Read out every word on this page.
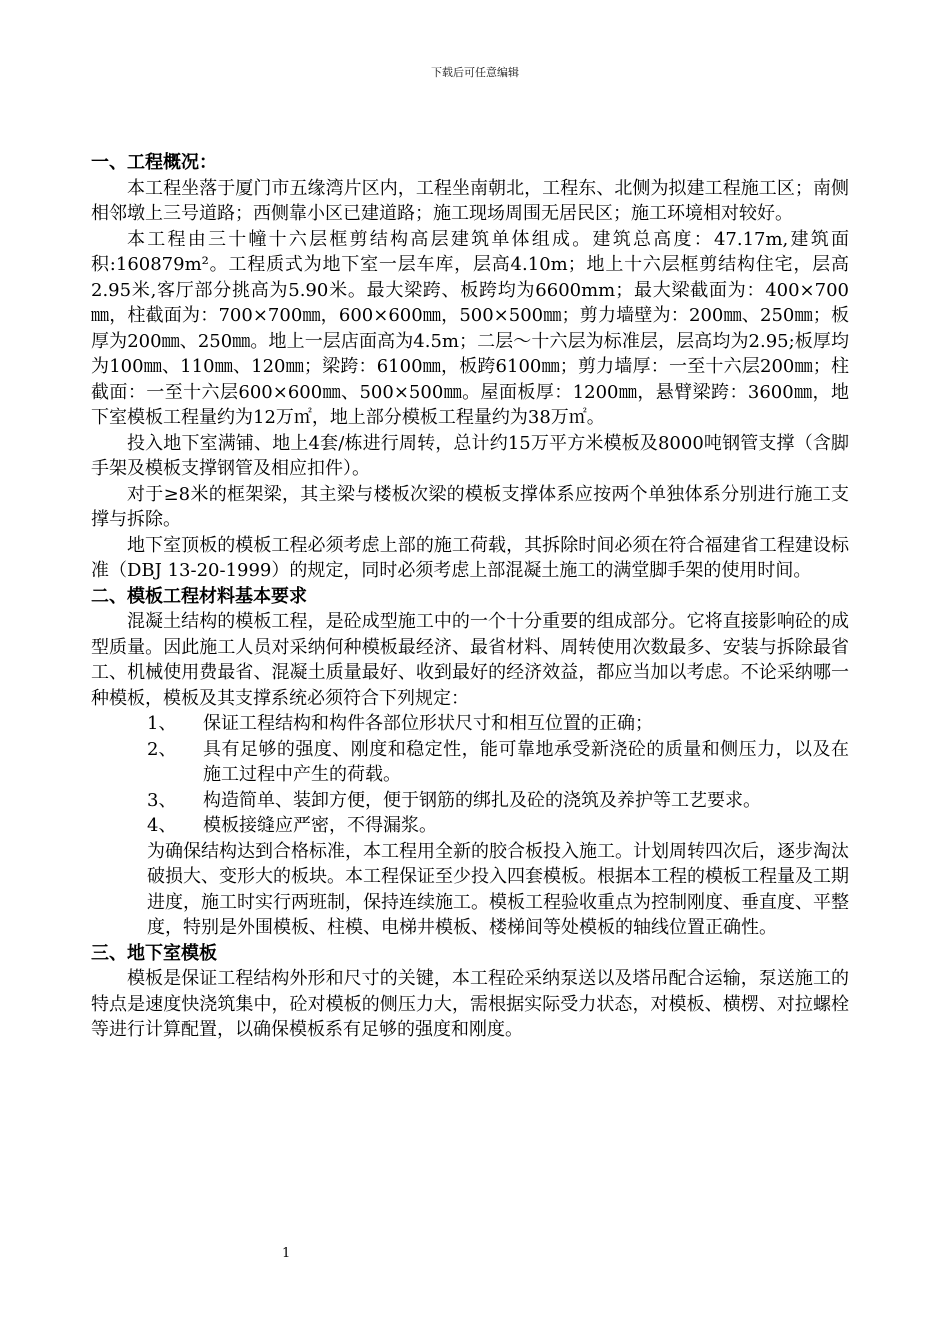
下载后可任意编辑

一、工程概况：

本工程坐落于厦门市五缘湾片区内，工程坐南朝北，工程东、北侧为拟建工程施工区；南侧相邻墩上三号道路；西侧靠小区已建道路；施工现场周围无居民区；施工环境相对较好。

本工程由三十幢十六层框剪结构高层建筑单体组成。建筑总高度：47.17m,建筑面积:160879m²。工程质式为地下室一层车库，层高4.10m；地上十六层框剪结构住宅，层高2.95米,客厅部分挑高为5.90米。最大梁跨、板跨均为6600mm；最大梁截面为：400×700㎜，柱截面为：700×700㎜，600×600㎜，500×500㎜；剪力墙壁为：200㎜、250㎜；板厚为200㎜、250㎜。地上一层店面高为4.5m；二层～十六层为标准层，层高均为2.95;板厚均为100㎜、110㎜、120㎜；梁跨：6100㎜，板跨6100㎜；剪力墙厚：一至十六层200㎜；柱截面：一至十六层600×600㎜、500×500㎜。屋面板厚：1200㎜，悬臂梁跨：3600㎜，地下室模板工程量约为12万㎡，地上部分模板工程量约为38万㎡。

投入地下室满铺、地上4套/栋进行周转，总计约15万平方米模板及8000吨钢管支撑（含脚手架及模板支撑钢管及相应扣件）。

对于≥8米的框架梁，其主梁与楼板次梁的模板支撑体系应按两个单独体系分别进行施工支撑与拆除。

地下室顶板的模板工程必须考虑上部的施工荷载，其拆除时间必须在符合福建省工程建设标准（DBJ 13-20-1999）的规定，同时必须考虑上部混凝土施工的满堂脚手架的使用时间。

二、模板工程材料基本要求

混凝土结构的模板工程，是砼成型施工中的一个十分重要的组成部分。它将直接影响砼的成型质量。因此施工人员对采纳何种模板最经济、最省材料、周转使用次数最多、安装与拆除最省工、机械使用费最省、混凝土质量最好、收到最好的经济效益，都应当加以考虑。不论采纳哪一种模板，模板及其支撑系统必须符合下列规定：

1、	保证工程结构和构件各部位形状尺寸和相互位置的正确；
2、	具有足够的强度、刚度和稳定性，能可靠地承受新浇砼的质量和侧压力，以及在施工过程中产生的荷载。
3、	构造简单、装卸方便，便于钢筋的绑扎及砼的浇筑及养护等工艺要求。
4、	模板接缝应严密，不得漏浆。

为确保结构达到合格标准，本工程用全新的胶合板投入施工。计划周转四次后，逐步淘汰破损大、变形大的板块。本工程保证至少投入四套模板。根据本工程的模板工程量及工期进度，施工时实行两班制，保持连续施工。模板工程验收重点为控制刚度、垂直度、平整度，特别是外围模板、柱模、电梯井模板、楼梯间等处模板的轴线位置正确性。

三、地下室模板

模板是保证工程结构外形和尺寸的关键，本工程砼采纳泵送以及塔吊配合运输，泵送施工的特点是速度快浇筑集中，砼对模板的侧压力大，需根据实际受力状态，对模板、横楞、对拉螺栓等进行计算配置，以确保模板系有足够的强度和刚度。

1
